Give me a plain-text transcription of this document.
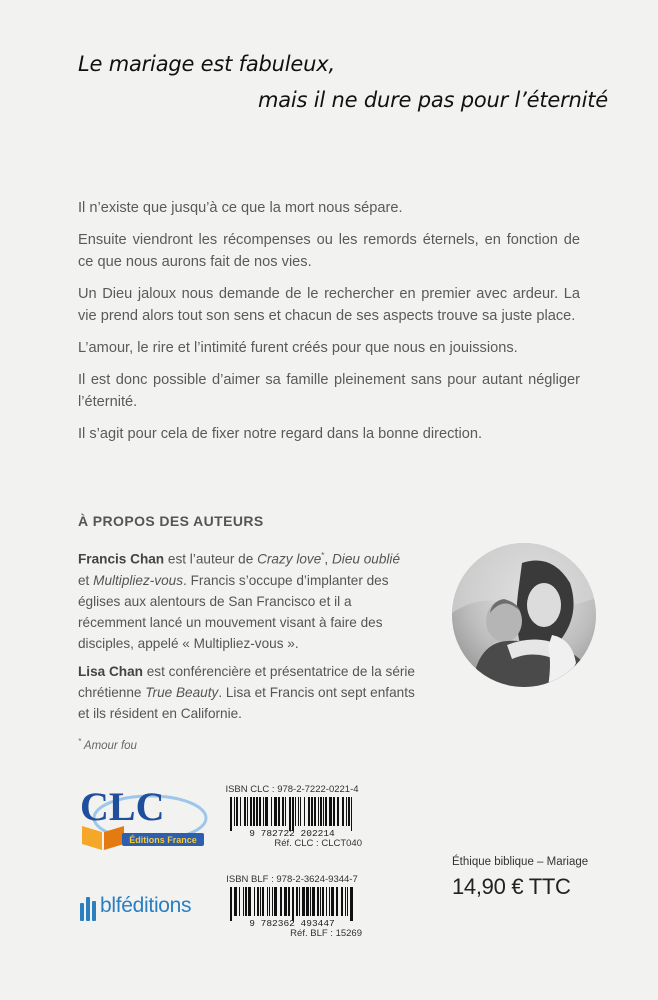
Le mariage est fabuleux,
mais il ne dure pas pour l’éternité

Il n’existe que jusqu’à ce que la mort nous sépare.

Ensuite viendront les récompenses ou les remords éternels, en fonction de ce que nous aurons fait de nos vies.

Un Dieu jaloux nous demande de le rechercher en premier avec ardeur. La vie prend alors tout son sens et chacun de ses aspects trouve sa juste place.

L’amour, le rire et l’intimité furent créés pour que nous en jouissions.

Il est donc possible d’aimer sa famille pleinement sans pour autant négliger l’éternité.

Il s’agit pour cela de fixer notre regard dans la bonne direction.

À PROPOS DES AUTEURS
Francis Chan est l’auteur de Crazy love*, Dieu oublié et Multipliez-vous. Francis s’occupe d’implanter des églises aux alentours de San Francisco et il a récemment lancé un mouvement visant à faire des disciples, appelé « Multipliez-vous ».
Lisa Chan est conférencière et présentatrice de la série chrétienne True Beauty. Lisa et Francis ont sept enfants et ils résident en Californie.
* Amour fou
CLC
Éditions France
blféditions
ISBN CLC : 978-2-7222-0221-4
9 782722 202214
Réf. CLC : CLCT040
ISBN BLF : 978-2-3624-9344-7
9 782362 493447
Réf. BLF : 15269
Éthique biblique – Mariage
14,90 € TTC
